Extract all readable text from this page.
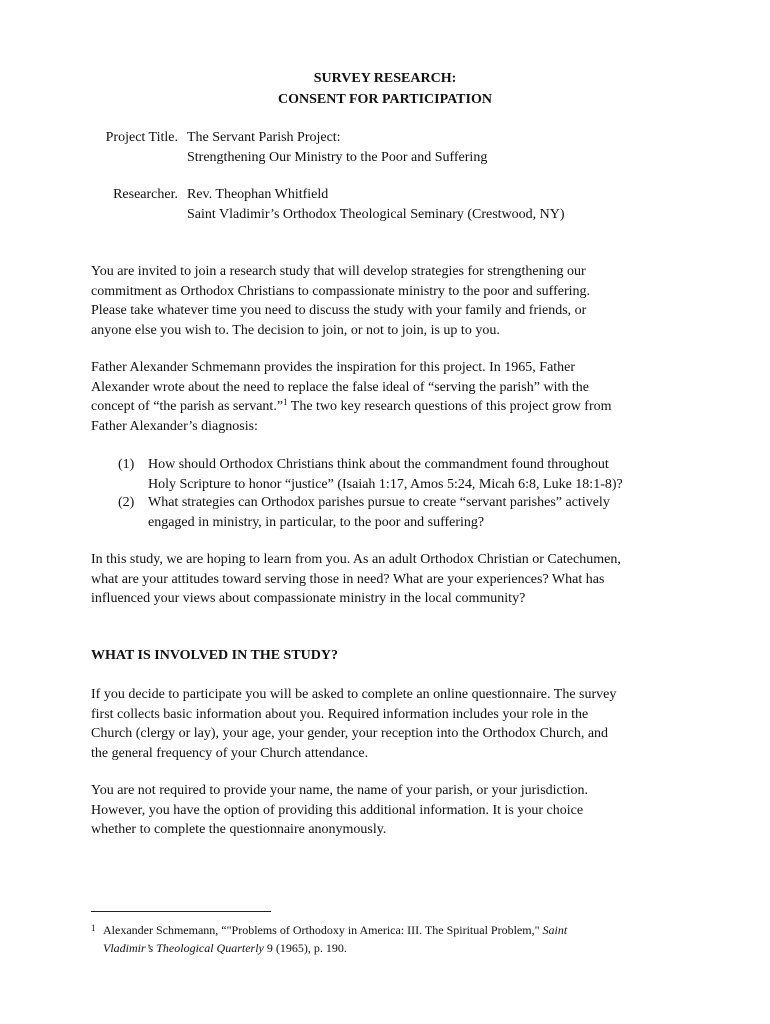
SURVEY RESEARCH:
CONSENT FOR PARTICIPATION
Project Title. The Servant Parish Project:
Strengthening Our Ministry to the Poor and Suffering
Researcher. Rev. Theophan Whitfield
Saint Vladimir’s Orthodox Theological Seminary (Crestwood, NY)

You are invited to join a research study that will develop strategies for strengthening our
commitment as Orthodox Christians to compassionate ministry to the poor and suffering.
Please take whatever time you need to discuss the study with your family and friends, or
anyone else you wish to. The decision to join, or not to join, is up to you.

Father Alexander Schmemann provides the inspiration for this project. In 1965, Father
Alexander wrote about the need to replace the false ideal of “serving the parish” with the
concept of “the parish as servant.”$^1$ The two key research questions of this project grow from
Father Alexander’s diagnosis:

(1) How should Orthodox Christians think about the commandment found throughout
Holy Scripture to honor “justice” (Isaiah 1:17, Amos 5:24, Micah 6:8, Luke 18:1-8)?
(2) What strategies can Orthodox parishes pursue to create “servant parishes” actively
engaged in ministry, in particular, to the poor and suffering?

In this study, we are hoping to learn from you. As an adult Orthodox Christian or Catechumen,
what are your attitudes toward serving those in need? What are your experiences? What has
influenced your views about compassionate ministry in the local community?

WHAT IS INVOLVED IN THE STUDY?

If you decide to participate you will be asked to complete an online questionnaire. The survey
first collects basic information about you. Required information includes your role in the
Church (clergy or lay), your age, your gender, your reception into the Orthodox Church, and
the general frequency of your Church attendance.

You are not required to provide your name, the name of your parish, or your jurisdiction.
However, you have the option of providing this additional information. It is your choice
whether to complete the questionnaire anonymously.

1 Alexander Schmemann, “"Problems of Orthodoxy in America: III. The Spiritual Problem," Saint
Vladimir’s Theological Quarterly 9 (1965), p. 190.
